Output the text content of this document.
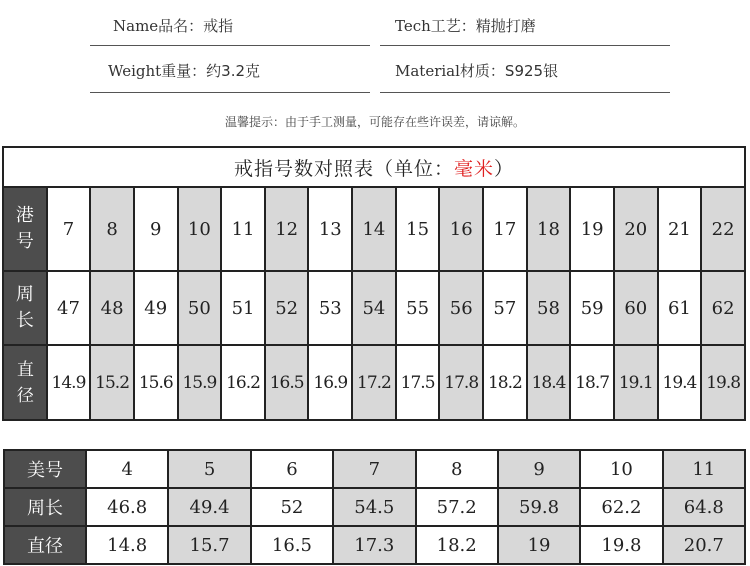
Name品名：戒指	Tech工艺：精抛打磨
Weight重量：约3.2克	Material材质：S925银
温馨提示：由于手工测量，可能存在些许误差，请谅解。
戒指号数对照表（单位：毫米）																
港
号	7	8	9	10	11	12	13	14	15	16	17	18	19	20	21	22
周
长	47	48	49	50	51	52	53	54	55	56	57	58	59	60	61	62
直
径	14.9	15.2	15.6	15.9	16.2	16.5	16.9	17.2	17.5	17.8	18.2	18.4	18.7	19.1	19.4	19.8
美号	4	5	6	7	8	9	10	11
周长	46.8	49.4	52	54.5	57.2	59.8	62.2	64.8
直径	14.8	15.7	16.5	17.3	18.2	19	19.8	20.7
